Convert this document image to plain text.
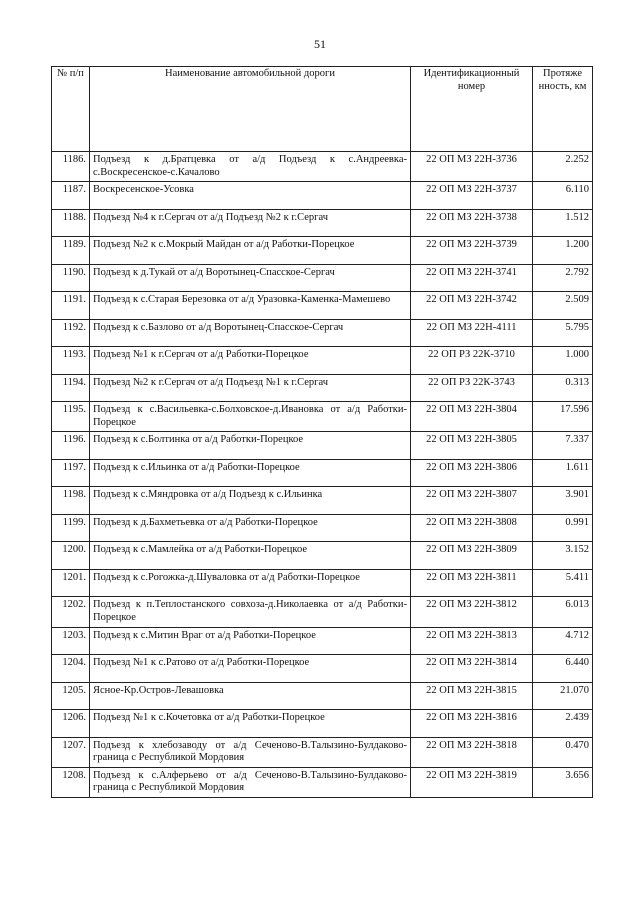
51
№ п/п	Наименование автомобильной дороги	Идентификационный номер	Протяже нность, км
1186.	Подъезд к д.Братцевка от а/д Подъезд к с.Андреевка-с.Воскресенское-с.Качалово	22 ОП МЗ 22Н-3736	2.252
1187.	Воскресенское-Усовка	22 ОП МЗ 22Н-3737	6.110
1188.	Подъезд №4 к г.Сергач от а/д Подъезд №2 к г.Сергач	22 ОП МЗ 22Н-3738	1.512
1189.	Подъезд №2 к с.Мокрый Майдан от а/д Работки-Порецкое	22 ОП МЗ 22Н-3739	1.200
1190.	Подъезд к д.Тукай от а/д Воротынец-Спасское-Сергач	22 ОП МЗ 22Н-3741	2.792
1191.	Подъезд к с.Старая Березовка от а/д Уразовка-Каменка-Мамешево	22 ОП МЗ 22Н-3742	2.509
1192.	Подъезд к с.Базлово от а/д Воротынец-Спасское-Сергач	22 ОП МЗ 22Н-4111	5.795
1193.	Подъезд №1 к г.Сергач от а/д Работки-Порецкое	22 ОП РЗ 22К-3710	1.000
1194.	Подъезд №2 к г.Сергач от а/д Подъезд №1 к г.Сергач	22 ОП РЗ 22К-3743	0.313
1195.	Подъезд к с.Васильевка-с.Болховское-д.Ивановка от а/д Работки-Порецкое	22 ОП МЗ 22Н-3804	17.596
1196.	Подъезд к с.Болтинка от а/д Работки-Порецкое	22 ОП МЗ 22Н-3805	7.337
1197.	Подъезд к с.Ильинка от а/д Работки-Порецкое	22 ОП МЗ 22Н-3806	1.611
1198.	Подъезд к с.Мяндровка от а/д Подъезд к с.Ильинка	22 ОП МЗ 22Н-3807	3.901
1199.	Подъезд к д.Бахметьевка от а/д Работки-Порецкое	22 ОП МЗ 22Н-3808	0.991
1200.	Подъезд к с.Мамлейка от а/д Работки-Порецкое	22 ОП МЗ 22Н-3809	3.152
1201.	Подъезд к с.Рогожка-д.Шуваловка от а/д Работки-Порецкое	22 ОП МЗ 22Н-3811	5.411
1202.	Подъезд к п.Теплостанского совхоза-д.Николаевка от а/д Работки-Порецкое	22 ОП МЗ 22Н-3812	6.013
1203.	Подъезд к с.Митин Враг от а/д Работки-Порецкое	22 ОП МЗ 22Н-3813	4.712
1204.	Подъезд №1 к с.Ратово от а/д Работки-Порецкое	22 ОП МЗ 22Н-3814	6.440
1205.	Ясное-Кр.Остров-Левашовка	22 ОП МЗ 22Н-3815	21.070
1206.	Подъезд №1 к с.Кочетовка от а/д Работки-Порецкое	22 ОП МЗ 22Н-3816	2.439
1207.	Подъезд к хлебозаводу от а/д Сеченово-В.Талызино-Булдаково-граница с Республикой Мордовия	22 ОП МЗ 22Н-3818	0.470
1208.	Подъезд к с.Алферьево от а/д Сеченово-В.Талызино-Булдаково-граница с Республикой Мордовия	22 ОП МЗ 22Н-3819	3.656
